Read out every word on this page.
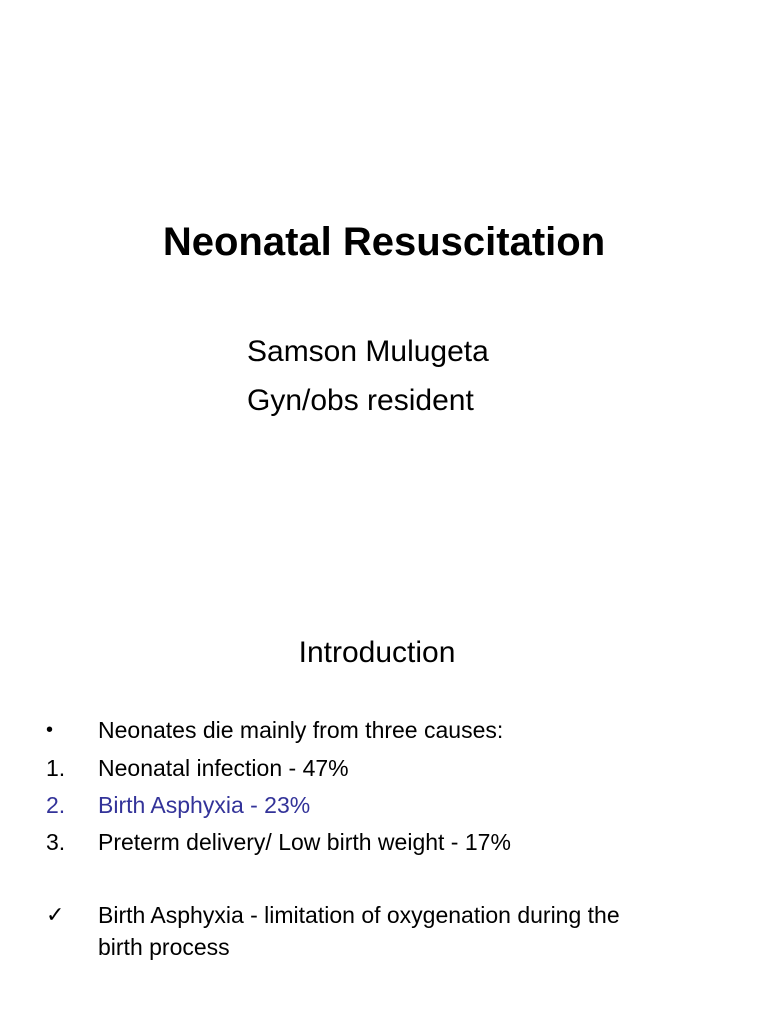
Neonatal Resuscitation
Samson Mulugeta
Gyn/obs resident
Introduction
•	Neonates die mainly from three causes:
1.	Neonatal infection - 47%
2.	Birth Asphyxia - 23%
3.	Preterm delivery/ Low birth weight - 17%
✓	Birth Asphyxia - limitation of oxygenation during the
birth process
